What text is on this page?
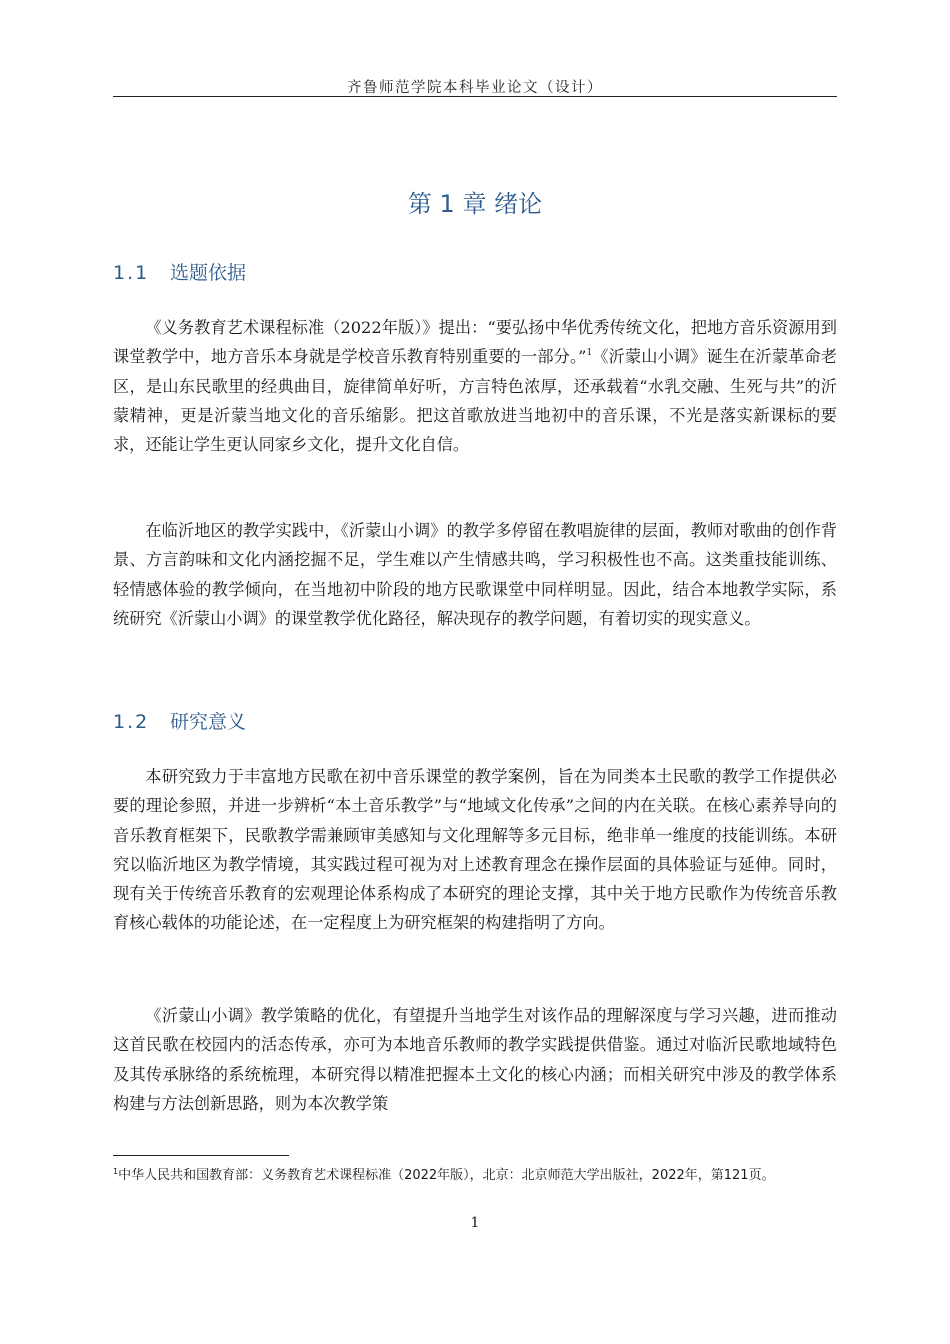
齐鲁师范学院本科毕业论文（设计）
第 1 章 绪论
1.1 选题依据

《义务教育艺术课程标准（2022年版）》提出：“要弘扬中华优秀传统文化，把地方音乐资源用到课堂教学中，地方音乐本身就是学校音乐教育特别重要的一部分。”$^1$《沂蒙山小调》诞生在沂蒙革命老区，是山东民歌里的经典曲目，旋律简单好听，方言特色浓厚，还承载着“水乳交融、生死与共”的沂蒙精神，更是沂蒙当地文化的音乐缩影。把这首歌放进当地初中的音乐课，不光是落实新课标的要求，还能让学生更认同家乡文化，提升文化自信。

在临沂地区的教学实践中，《沂蒙山小调》的教学多停留在教唱旋律的层面，教师对歌曲的创作背景、方言韵味和文化内涵挖掘不足，学生难以产生情感共鸣，学习积极性也不高。这类重技能训练、轻情感体验的教学倾向，在当地初中阶段的地方民歌课堂中同样明显。因此，结合本地教学实际，系统研究《沂蒙山小调》的课堂教学优化路径，解决现存的教学问题，有着切实的现实意义。

1.2 研究意义

本研究致力于丰富地方民歌在初中音乐课堂的教学案例，旨在为同类本土民歌的教学工作提供必要的理论参照，并进一步辨析“本土音乐教学”与“地域文化传承”之间的内在关联。在核心素养导向的音乐教育框架下，民歌教学需兼顾审美感知与文化理解等多元目标，绝非单一维度的技能训练。本研究以临沂地区为教学情境，其实践过程可视为对上述教育理念在操作层面的具体验证与延伸。同时，现有关于传统音乐教育的宏观理论体系构成了本研究的理论支撑，其中关于地方民歌作为传统音乐教育核心载体的功能论述，在一定程度上为研究框架的构建指明了方向。

《沂蒙山小调》教学策略的优化，有望提升当地学生对该作品的理解深度与学习兴趣，进而推动这首民歌在校园内的活态传承，亦可为本地音乐教师的教学实践提供借鉴。通过对临沂民歌地域特色及其传承脉络的系统梳理，本研究得以精准把握本土文化的核心内涵；而相关研究中涉及的教学体系构建与方法创新思路，则为本次教学策

$^1$中华人民共和国教育部：义务教育艺术课程标准（2022年版），北京：北京师范大学出版社，2022年，第121页。
1
